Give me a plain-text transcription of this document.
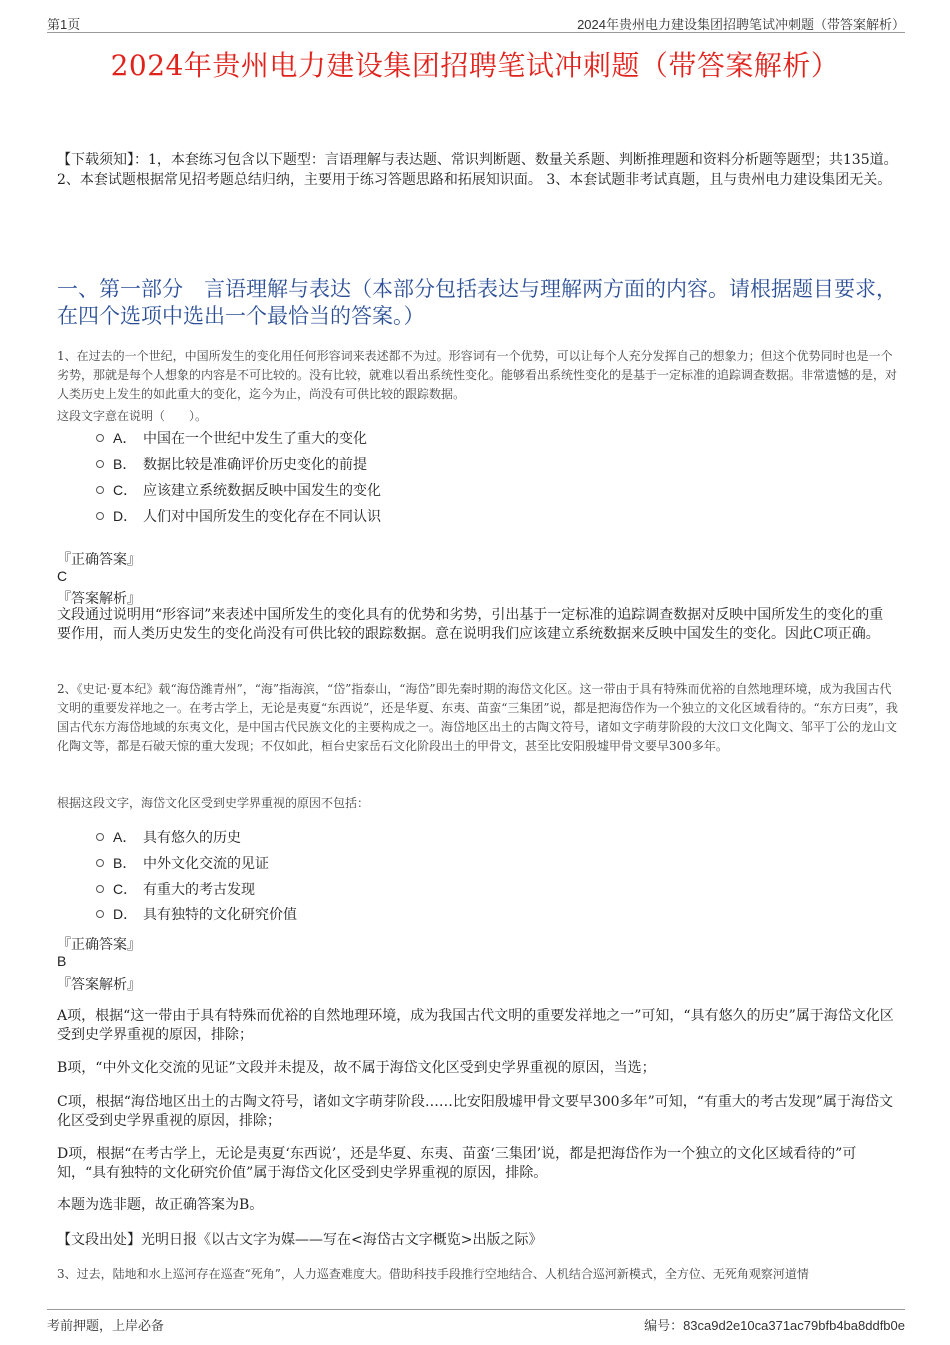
第1页	2024年贵州电力建设集团招聘笔试冲刺题（带答案解析）
2024年贵州电力建设集团招聘笔试冲刺题（带答案解析）
【下载须知】：1，本套练习包含以下题型：言语理解与表达题、常识判断题、数量关系题、判断推理题和资料分析题等题型；共135道。 2、本套试题根据常见招考题总结归纳，主要用于练习答题思路和拓展知识面。 3、本套试题非考试真题，且与贵州电力建设集团无关。
一、第一部分　言语理解与表达（本部分包括表达与理解两方面的内容。请根据题目要求，在四个选项中选出一个最恰当的答案。）
1、在过去的一个世纪，中国所发生的变化用任何形容词来表述都不为过。形容词有一个优势，可以让每个人充分发挥自己的想象力；但这个优势同时也是一个劣势，那就是每个人想象的内容是不可比较的。没有比较，就难以看出系统性变化。能够看出系统性变化的是基于一定标准的追踪调查数据。非常遗憾的是，对人类历史上发生的如此重大的变化，迄今为止，尚没有可供比较的跟踪数据。
这段文字意在说明（　　）。
A． 中国在一个世纪中发生了重大的变化
B． 数据比较是准确评价历史变化的前提
C． 应该建立系统数据反映中国发生的变化
D． 人们对中国所发生的变化存在不同认识
『正确答案』
C
『答案解析』
文段通过说明用“形容词”来表述中国所发生的变化具有的优势和劣势，引出基于一定标准的追踪调查数据对反映中国所发生的变化的重要作用，而人类历史发生的变化尚没有可供比较的跟踪数据。意在说明我们应该建立系统数据来反映中国发生的变化。因此C项正确。
2、《史记·夏本纪》载“海岱潍青州”，“海”指海滨，“岱”指泰山，“海岱”即先秦时期的海岱文化区。这一带由于具有特殊而优裕的自然地理环境，成为我国古代文明的重要发祥地之一。在考古学上，无论是夷夏“东西说”，还是华夏、东夷、苗蛮“三集团”说，都是把海岱作为一个独立的文化区域看待的。“东方曰夷”，我国古代东方海岱地域的东夷文化，是中国古代民族文化的主要构成之一。海岱地区出土的古陶文符号，诸如文字萌芽阶段的大汶口文化陶文、邹平丁公的龙山文化陶文等，都是石破天惊的重大发现；不仅如此，桓台史家岳石文化阶段出土的甲骨文，甚至比安阳殷墟甲骨文要早300多年。
根据这段文字，海岱文化区受到史学界重视的原因不包括：
A． 具有悠久的历史
B． 中外文化交流的见证
C． 有重大的考古发现
D． 具有独特的文化研究价值
『正确答案』
B
『答案解析』
A项，根据“这一带由于具有特殊而优裕的自然地理环境，成为我国古代文明的重要发祥地之一”可知，“具有悠久的历史”属于海岱文化区受到史学界重视的原因，排除；
B项，“中外文化交流的见证”文段并未提及，故不属于海岱文化区受到史学界重视的原因，当选；
C项，根据“海岱地区出土的古陶文符号，诸如文字萌芽阶段……比安阳殷墟甲骨文要早300多年”可知，“有重大的考古发现”属于海岱文化区受到史学界重视的原因，排除；
D项，根据“在考古学上，无论是夷夏‘东西说’，还是华夏、东夷、苗蛮‘三集团’说，都是把海岱作为一个独立的文化区域看待的”可知，“具有独特的文化研究价值”属于海岱文化区受到史学界重视的原因，排除。
本题为选非题，故正确答案为B。
【文段出处】光明日报《以古文字为媒——写在<海岱古文字概览>出版之际》
3、过去，陆地和水上巡河存在巡查“死角”，人力巡查难度大。借助科技手段推行空地结合、人机结合巡河新模式，全方位、无死角观察河道情
考前押题，上岸必备	编号：83ca9d2e10ca371ac79bfb4ba8ddfb0e
